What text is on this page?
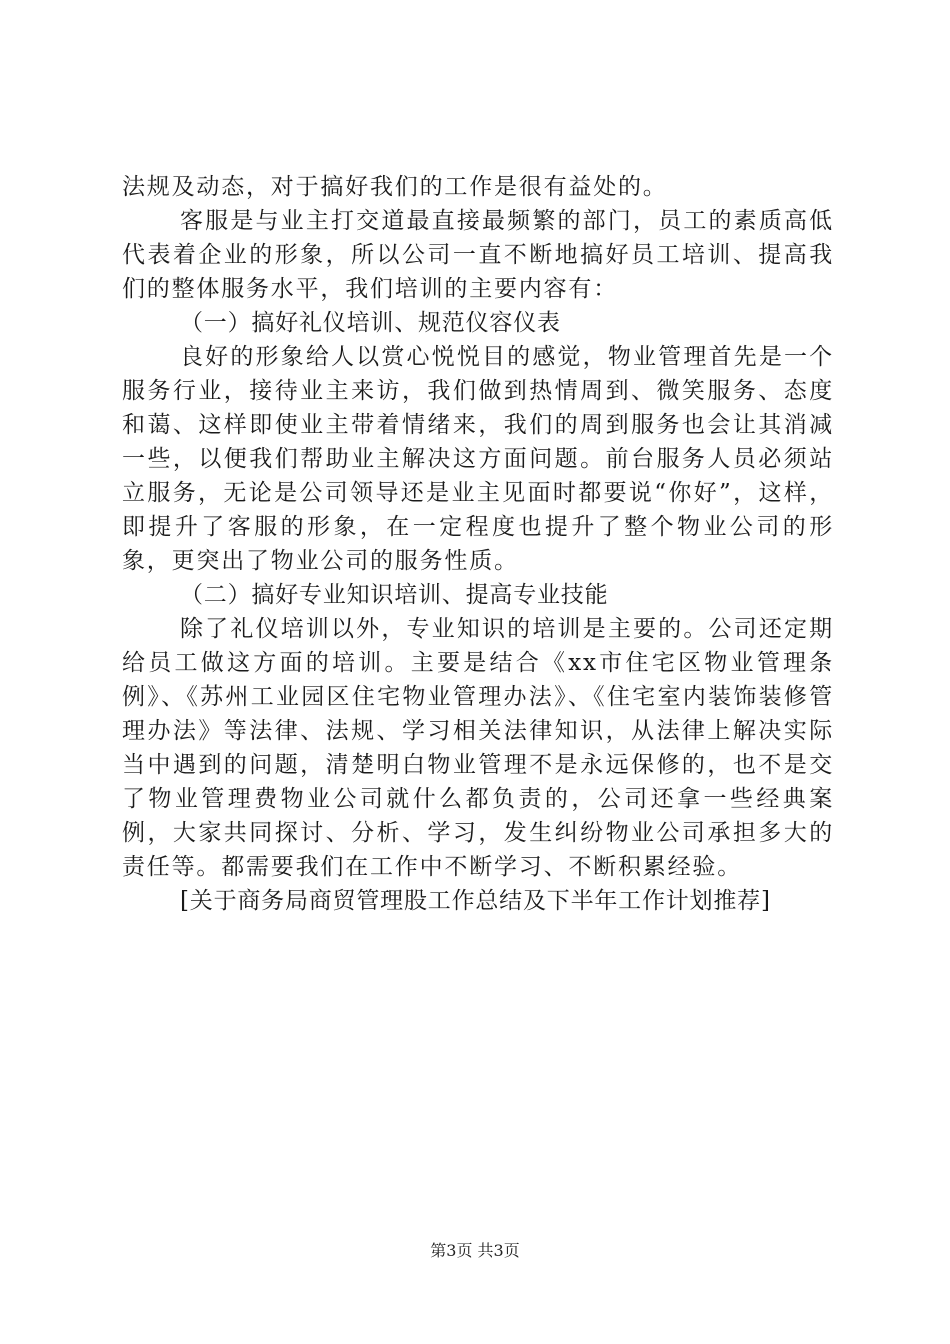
法规及动态，对于搞好我们的工作是很有益处的。

客服是与业主打交道最直接最频繁的部门，员工的素质高低代表着企业的形象，所以公司一直不断地搞好员工培训、提高我们的整体服务水平，我们培训的主要内容有：

（一）搞好礼仪培训、规范仪容仪表

良好的形象给人以赏心悦悦目的感觉，物业管理首先是一个服务行业，接待业主来访，我们做到热情周到、微笑服务、态度和蔼、这样即使业主带着情绪来，我们的周到服务也会让其消减一些，以便我们帮助业主解决这方面问题。前台服务人员必须站立服务，无论是公司领导还是业主见面时都要说“你好”，这样，即提升了客服的形象，在一定程度也提升了整个物业公司的形象，更突出了物业公司的服务性质。

（二）搞好专业知识培训、提高专业技能

除了礼仪培训以外，专业知识的培训是主要的。公司还定期给员工做这方面的培训。主要是结合《xx市住宅区物业管理条例》、《苏州工业园区住宅物业管理办法》、《住宅室内装饰装修管理办法》等法律、法规、学习相关法律知识，从法律上解决实际当中遇到的问题，清楚明白物业管理不是永远保修的，也不是交了物业管理费物业公司就什么都负责的，公司还拿一些经典案例，大家共同探讨、分析、学习，发生纠纷物业公司承担多大的责任等。都需要我们在工作中不断学习、不断积累经验。

[关于商务局商贸管理股工作总结及下半年工作计划推荐]

第3页 共3页
